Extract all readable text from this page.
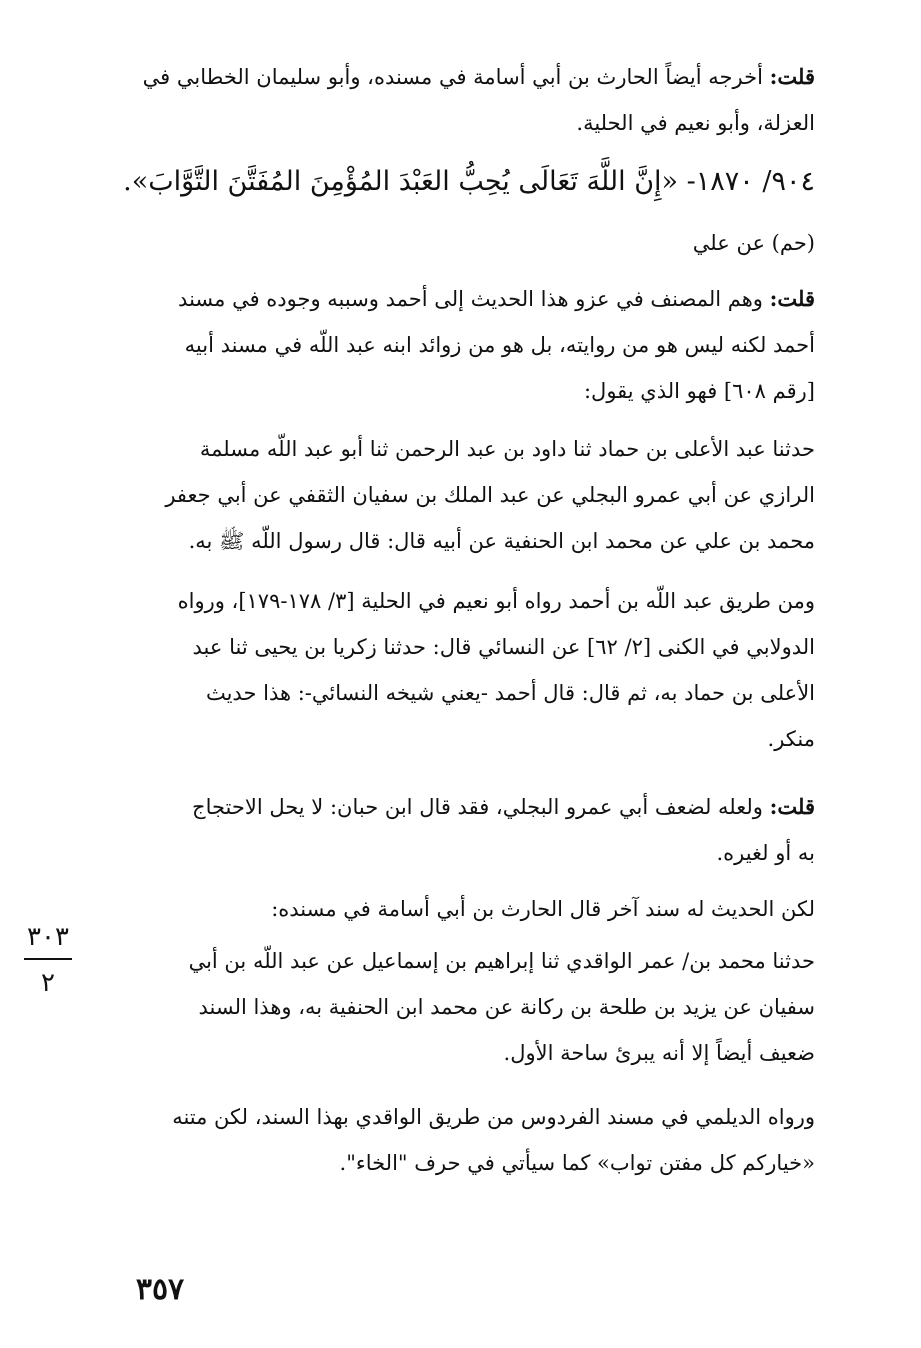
قلت: أخرجه أيضاً الحارث بن أبي أسامة في مسنده، وأبو سليمان الخطابي في
العزلة، وأبو نعيم في الحلية.
٩٠٤/ ١٨٧٠- «إِنَّ اللَّهَ تَعَالَى يُحِبُّ العَبْدَ المُؤْمِنَ المُفَتَّنَ التَّوَّابَ».
(حم) عن علي
قلت: وهم المصنف في عزو هذا الحديث إلى أحمد وسببه وجوده في مسند
أحمد لكنه ليس هو من روايته، بل هو من زوائد ابنه عبد اللّه في مسند أبيه
[رقم ٦٠٨] فهو الذي يقول:
حدثنا عبد الأعلى بن حماد ثنا داود بن عبد الرحمن ثنا أبو عبد اللّه مسلمة
الرازي عن أبي عمرو البجلي عن عبد الملك بن سفيان الثقفي عن أبي جعفر
محمد بن علي عن محمد ابن الحنفية عن أبيه قال: قال رسول اللّه ﷺ به.
ومن طريق عبد اللّه بن أحمد رواه أبو نعيم في الحلية [٣/ ١٧٨-١٧٩]، ورواه
الدولابي في الكنى [٢/ ٦٢] عن النسائي قال: حدثنا زكريا بن يحيى ثنا عبد
الأعلى بن حماد به، ثم قال: قال أحمد -يعني شيخه النسائي-: هذا حديث
منكر.
قلت: ولعله لضعف أبي عمرو البجلي، فقد قال ابن حبان: لا يحل الاحتجاج
به أو لغيره.
لكن الحديث له سند آخر قال الحارث بن أبي أسامة في مسنده:
حدثنا محمد بن/ عمر الواقدي ثنا إبراهيم بن إسماعيل عن عبد اللّه بن أبي
سفيان عن يزيد بن طلحة بن ركانة عن محمد ابن الحنفية به، وهذا السند
ضعيف أيضاً إلا أنه يبرئ ساحة الأول.
ورواه الديلمي في مسند الفردوس من طريق الواقدي بهذا السند، لكن متنه
«خياركم كل مفتن تواب» كما سيأتي في حرف "الخاء".
٣٠٣
٢
٣٥٧
